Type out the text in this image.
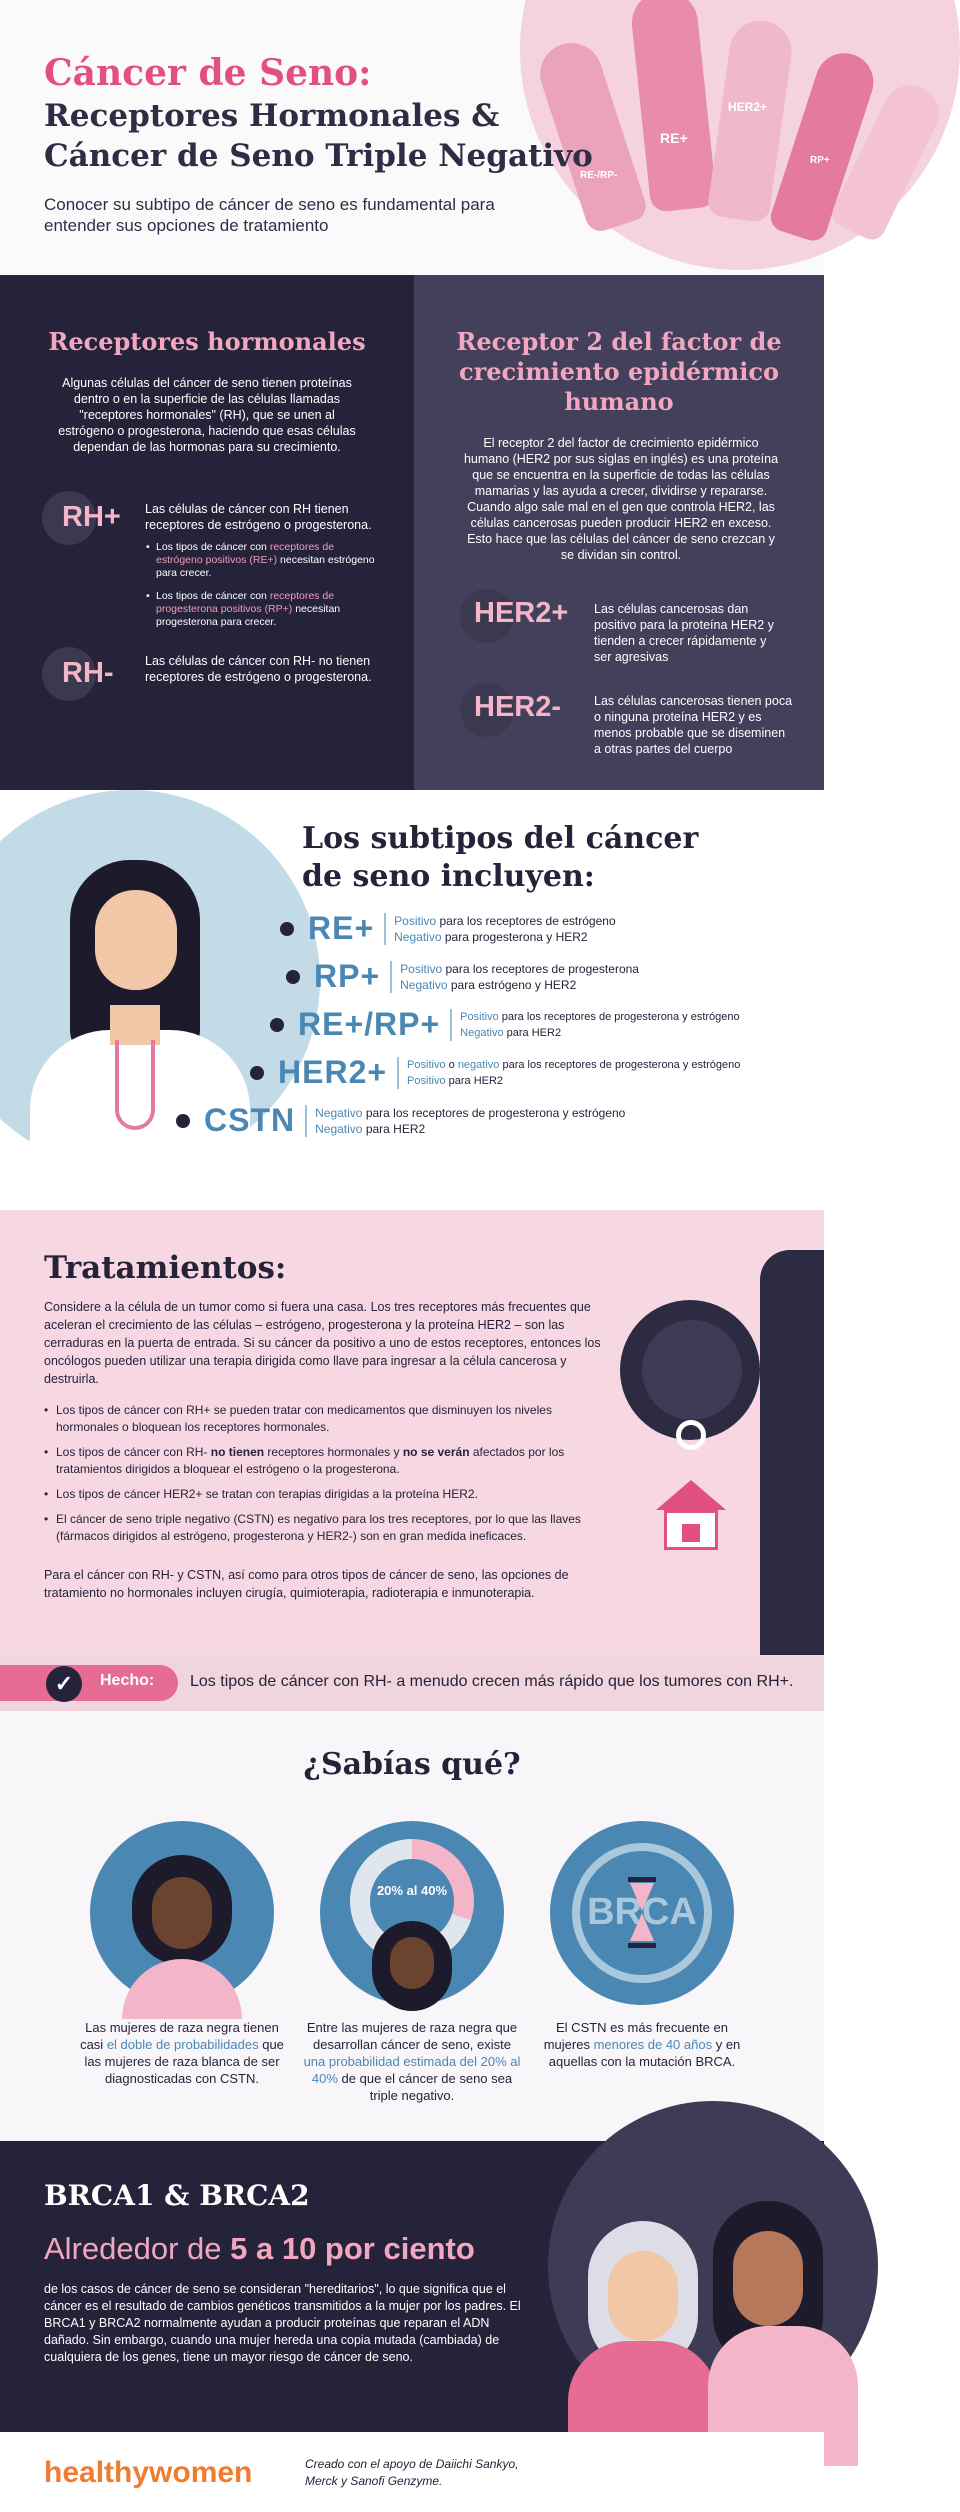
RE+
HER2+
RE-/RP-
RP+
Cáncer de Seno:
Receptores Hormonales & Cáncer de Seno Triple Negativo
Conocer su subtipo de cáncer de seno es fundamental para entender sus opciones de tratamiento
Receptores hormonales
Algunas células del cáncer de seno tienen proteínas dentro o en la superficie de las células llamadas "receptores hormonales" (RH), que se unen al estrógeno o progesterona, haciendo que esas células dependan de las hormonas para su crecimiento.
RH+ Las células de cáncer con RH tienen receptores de estrógeno o progesterona.
• Los tipos de cáncer con receptores de estrógeno positivos (RE+) necesitan estrógeno para crecer.
• Los tipos de cáncer con receptores de progesterona positivos (RP+) necesitan progesterona para crecer.
RH-	Las células de cáncer con RH- no tienen receptores de estrógeno o progesterona.
Receptor 2 del factor de crecimiento epidérmico humano
El receptor 2 del factor de crecimiento epidérmico humano (HER2 por sus siglas en inglés) es una proteína que se encuentra en la superficie de todas las células mamarias y las ayuda a crecer, dividirse y repararse. Cuando algo sale mal en el gen que controla HER2, las células cancerosas pueden producir HER2 en exceso. Esto hace que las células del cáncer de seno crezcan y se dividan sin control.
HER2+ Las células cancerosas dan positivo para la proteína HER2 y tienden a crecer rápidamente y ser agresivas
HER2-	Las células cancerosas tienen poca o ninguna proteína HER2 y es menos probable que se diseminen a otras partes del cuerpo
Los subtipos del cáncer de seno incluyen:
RE+ Positivo para los receptores de estrógeno
Negativo para progesterona y HER2
RP+ Positivo para los receptores de progesterona
Negativo para estrógeno y HER2
RE+/RP+ Positivo para los receptores de progesterona y estrógeno
Negativo para HER2
HER2+ Positivo o negativo para los receptores de progesterona y estrógeno
Positivo para HER2
CSTN Negativo para los receptores de progesterona y estrógeno
Negativo para HER2
Tratamientos:
Considere a la célula de un tumor como si fuera una casa. Los tres receptores más frecuentes que aceleran el crecimiento de las células – estrógeno, progesterona y la proteína HER2 – son las cerraduras en la puerta de entrada. Si su cáncer da positivo a uno de estos receptores, entonces los oncólogos pueden utilizar una terapia dirigida como llave para ingresar a la célula cancerosa y destruirla.
• Los tipos de cáncer con RH+ se pueden tratar con medicamentos que disminuyen los niveles hormonales o bloquean los receptores hormonales.
• Los tipos de cáncer con RH- no tienen receptores hormonales y no se verán afectados por los tratamientos dirigidos a bloquear el estrógeno o la progesterona.
• Los tipos de cáncer HER2+ se tratan con terapias dirigidas a la proteína HER2.
• El cáncer de seno triple negativo (CSTN) es negativo para los tres receptores, por lo que las llaves (fármacos dirigidos al estrógeno, progesterona y HER2-) son en gran medida ineficaces.
Para el cáncer con RH- y CSTN, así como para otros tipos de cáncer de seno, las opciones de tratamiento no hormonales incluyen cirugía, quimioterapia, radioterapia e inmunoterapia.
✓	Hecho: Los tipos de cáncer con RH- a menudo crecen más rápido que los tumores con RH+.
¿Sabías qué?
Las mujeres de raza negra tienen casi el doble de probabilidades que las mujeres de raza blanca de ser diagnosticadas con CSTN.
20% al 40%
Entre las mujeres de raza negra que desarrollan cáncer de seno, existe una probabilidad estimada del 20% al 40% de que el cáncer de seno sea triple negativo.
BRCA
El CSTN es más frecuente en mujeres menores de 40 años y en aquellas con la mutación BRCA.
BRCA1 & BRCA2
Alrededor de 5 a 10 por ciento
de los casos de cáncer de seno se consideran "hereditarios", lo que significa que el cáncer es el resultado de cambios genéticos transmitidos a la mujer por los padres. El BRCA1 y BRCA2 normalmente ayudan a producir proteínas que reparan el ADN dañado. Sin embargo, cuando una mujer hereda una copia mutada (cambiada) de cualquiera de los genes, tiene un mayor riesgo de cáncer de seno.
healthywomen	Creado con el apoyo de Daiichi Sankyo, Merck y Sanofi Genzyme.
